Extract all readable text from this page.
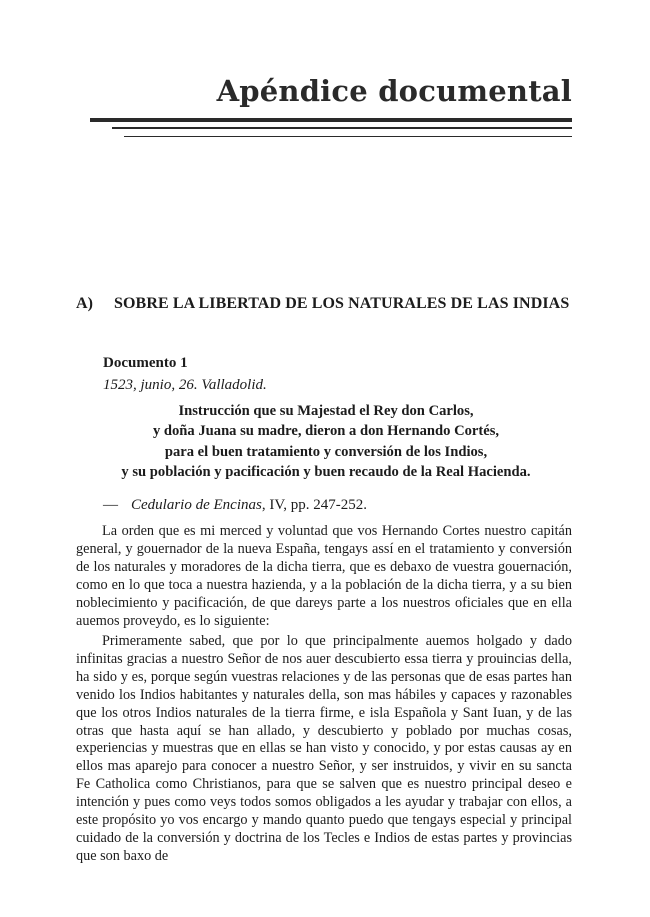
Apéndice documental
A) SOBRE LA LIBERTAD DE LOS NATURALES DE LAS INDIAS
Documento 1
1523, junio, 26. Valladolid.
Instrucción que su Majestad el Rey don Carlos,
y doña Juana su madre, dieron a don Hernando Cortés,
para el buen tratamiento y conversión de los Indios,
y su población y pacificación y buen recaudo de la Real Hacienda.
— Cedulario de Encinas, IV, pp. 247-252.

La orden que es mi merced y voluntad que vos Hernando Cortes nuestro capitán general, y gouernador de la nueva España, tengays assí en el tratamiento y conversión de los naturales y moradores de la dicha tierra, que es debaxo de vuestra gouernación, como en lo que toca a nuestra hazienda, y a la población de la dicha tierra, y a su bien noblecimiento y pacificación, de que dareys parte a los nuestros oficiales que en ella auemos proveydo, es lo siguiente:

Primeramente sabed, que por lo que principalmente auemos holgado y dado infinitas gracias a nuestro Señor de nos auer descubierto essa tierra y prouincias della, ha sido y es, porque según vuestras relaciones y de las personas que de esas partes han venido los Indios habitantes y naturales della, son mas hábiles y capaces y razonables que los otros Indios naturales de la tierra firme, e isla Española y Sant Iuan, y de las otras que hasta aquí se han allado, y descubierto y poblado por muchas cosas, experiencias y muestras que en ellas se han visto y conocido, y por estas causas ay en ellos mas aparejo para conocer a nuestro Señor, y ser instruidos, y vivir en su sancta Fe Catholica como Christianos, para que se salven que es nuestro principal deseo e intención y pues como veys todos somos obligados a les ayudar y trabajar con ellos, a este propósito yo vos encargo y mando quanto puedo que tengays especial y principal cuidado de la conversión y doctrina de los Tecles e Indios de estas partes y provincias que son baxo de
